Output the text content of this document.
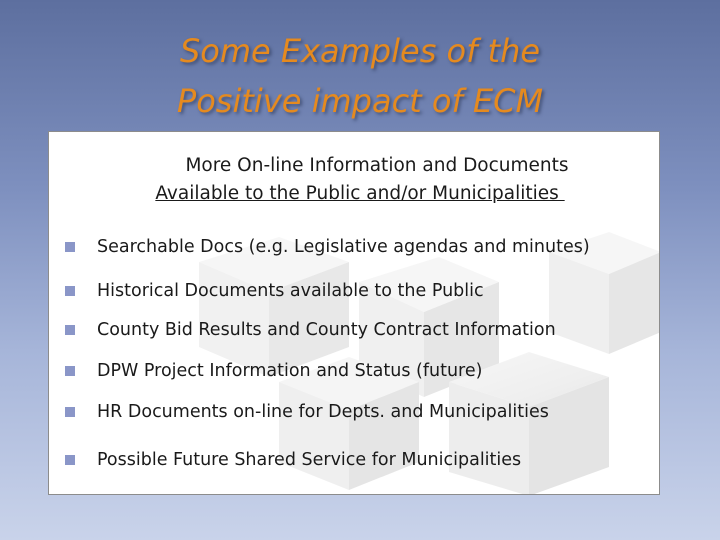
Some Examples of the
Positive impact of ECM
More On-line Information and Documents
Available to the Public and/or Municipalities
Searchable Docs (e.g. Legislative agendas and minutes)
Historical Documents available to the Public
County Bid Results and County Contract Information
DPW Project Information and Status (future)
HR Documents on-line for Depts. and Municipalities
Possible Future Shared Service for Municipalities
